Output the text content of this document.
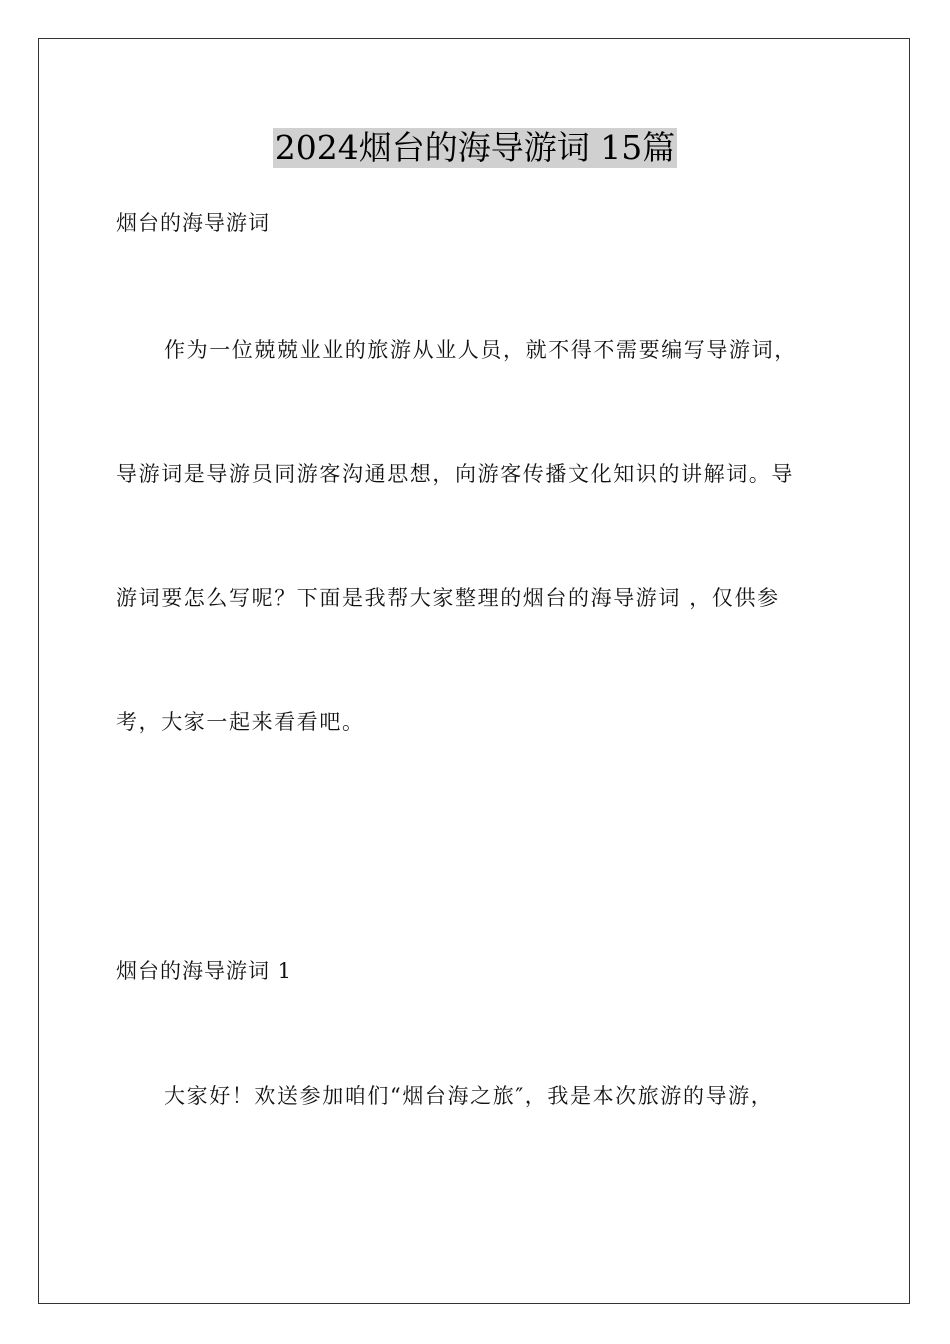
2024烟台的海导游词 15篇
烟台的海导游词
作为一位兢兢业业的旅游从业人员，就不得不需要编写导游词，
导游词是导游员同游客沟通思想，向游客传播文化知识的讲解词。导
游词要怎么写呢？下面是我帮大家整理的烟台的海导游词 ，仅供参
考，大家一起来看看吧。
烟台的海导游词 1
大家好！欢送参加咱们“烟台海之旅″，我是本次旅游的导游，
